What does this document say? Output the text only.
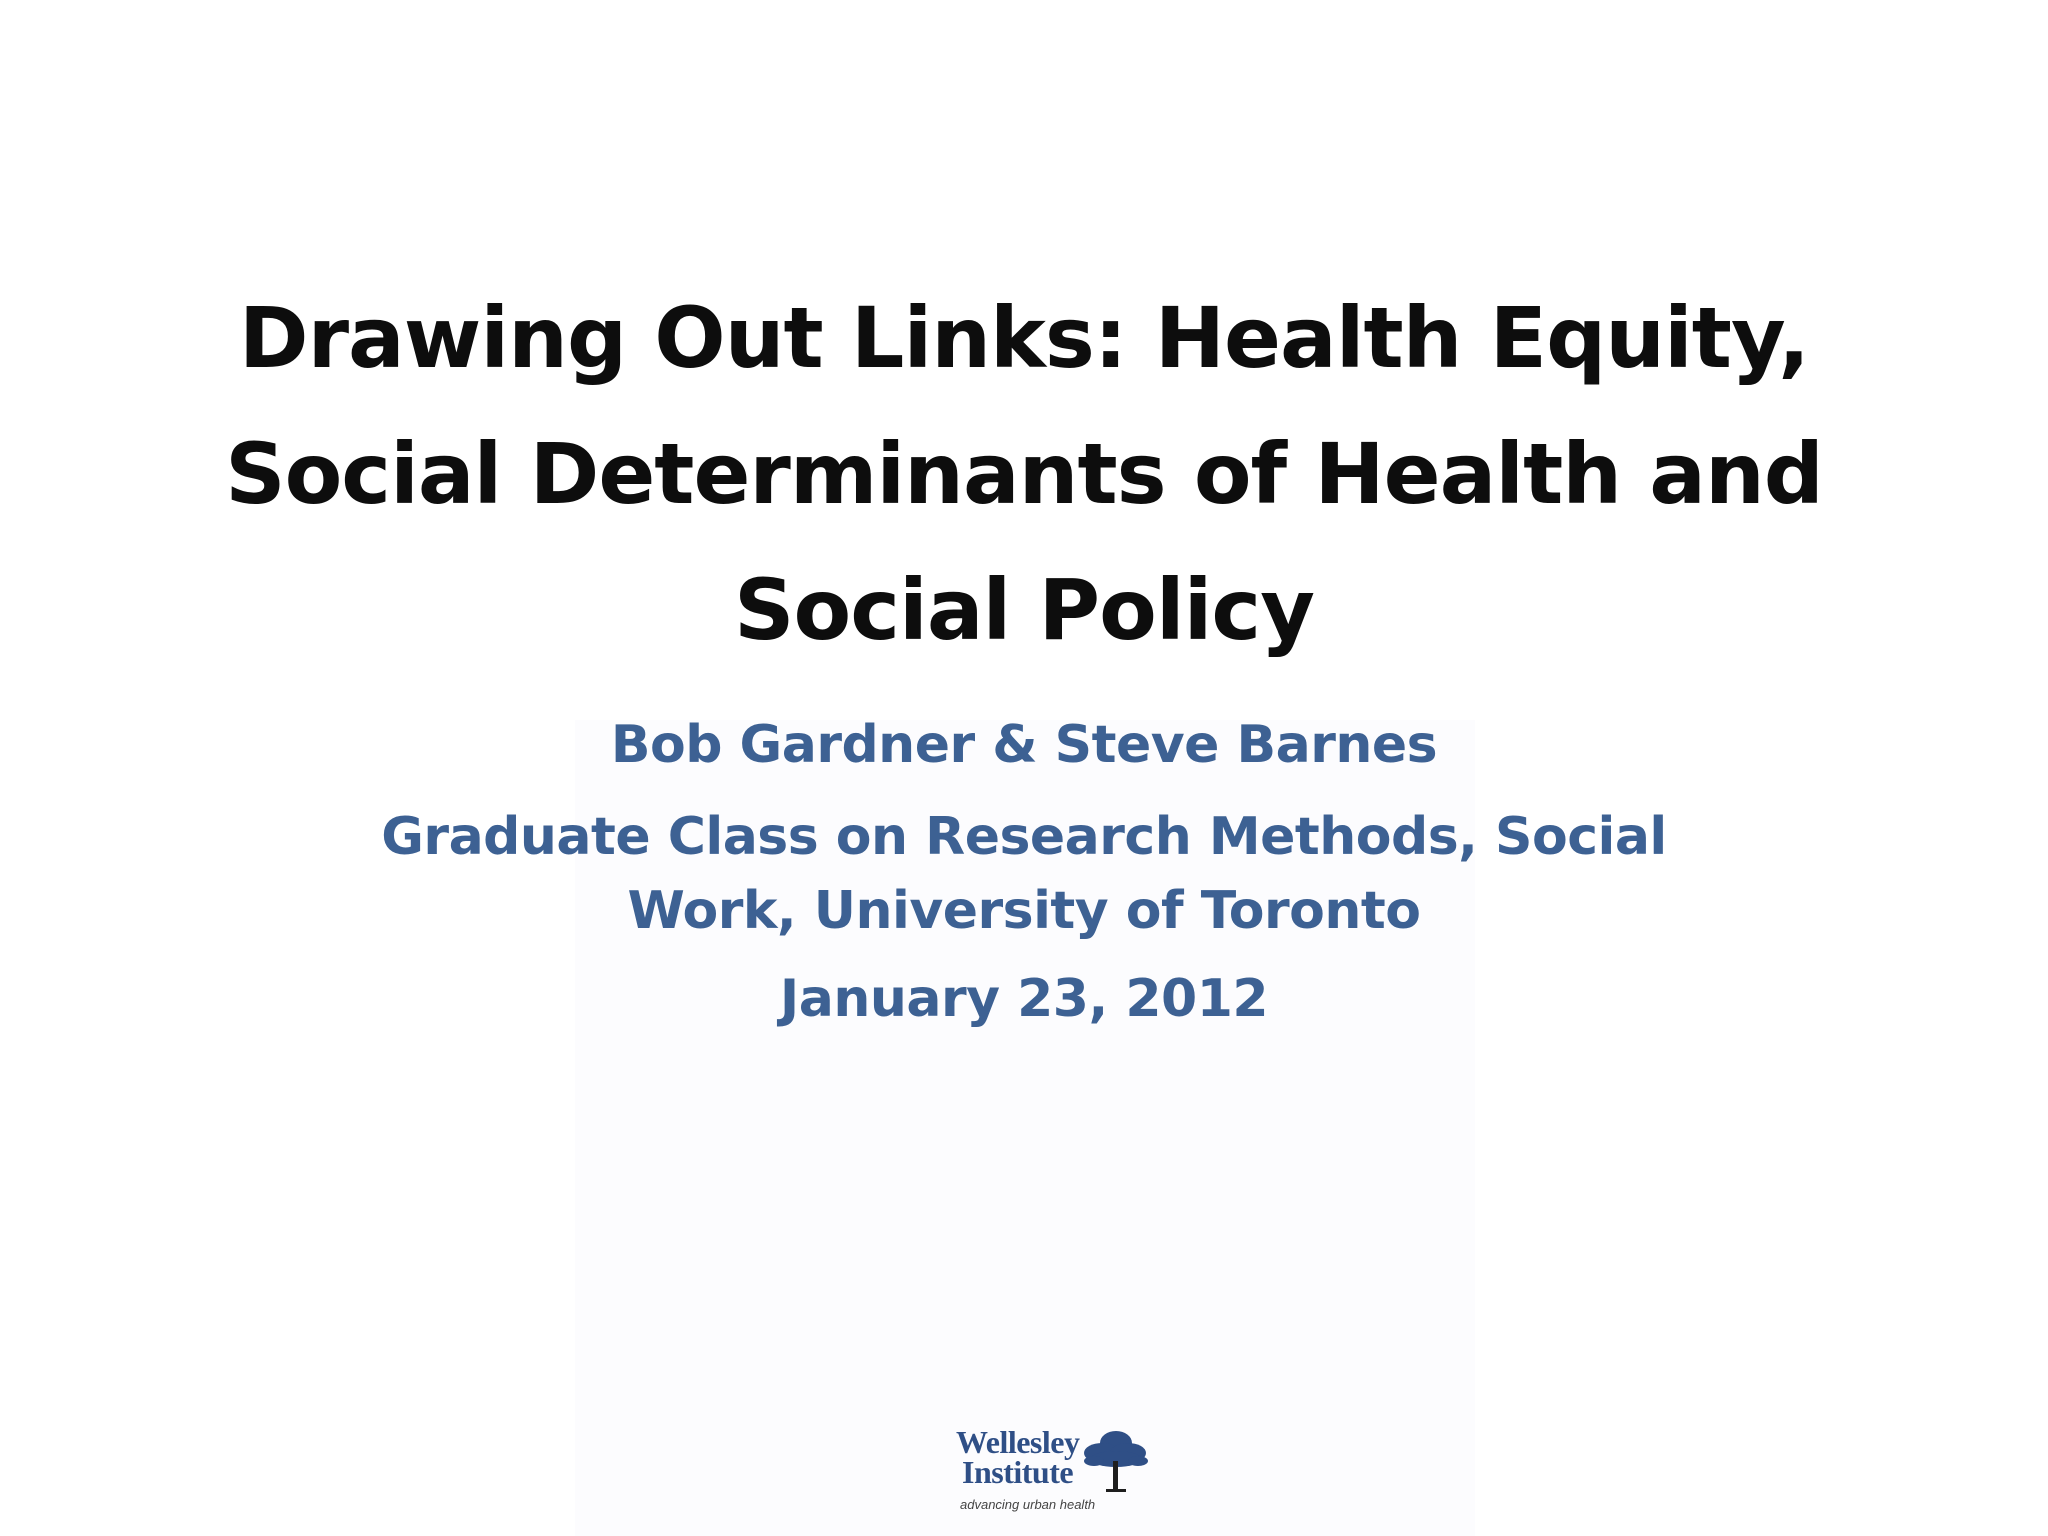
Drawing Out Links: Health Equity,
Social Determinants of Health and
Social Policy
Bob Gardner & Steve Barnes
Graduate Class on Research Methods, Social
Work, University of Toronto
January 23, 2012
Wellesley
Institute
advancing urban health
